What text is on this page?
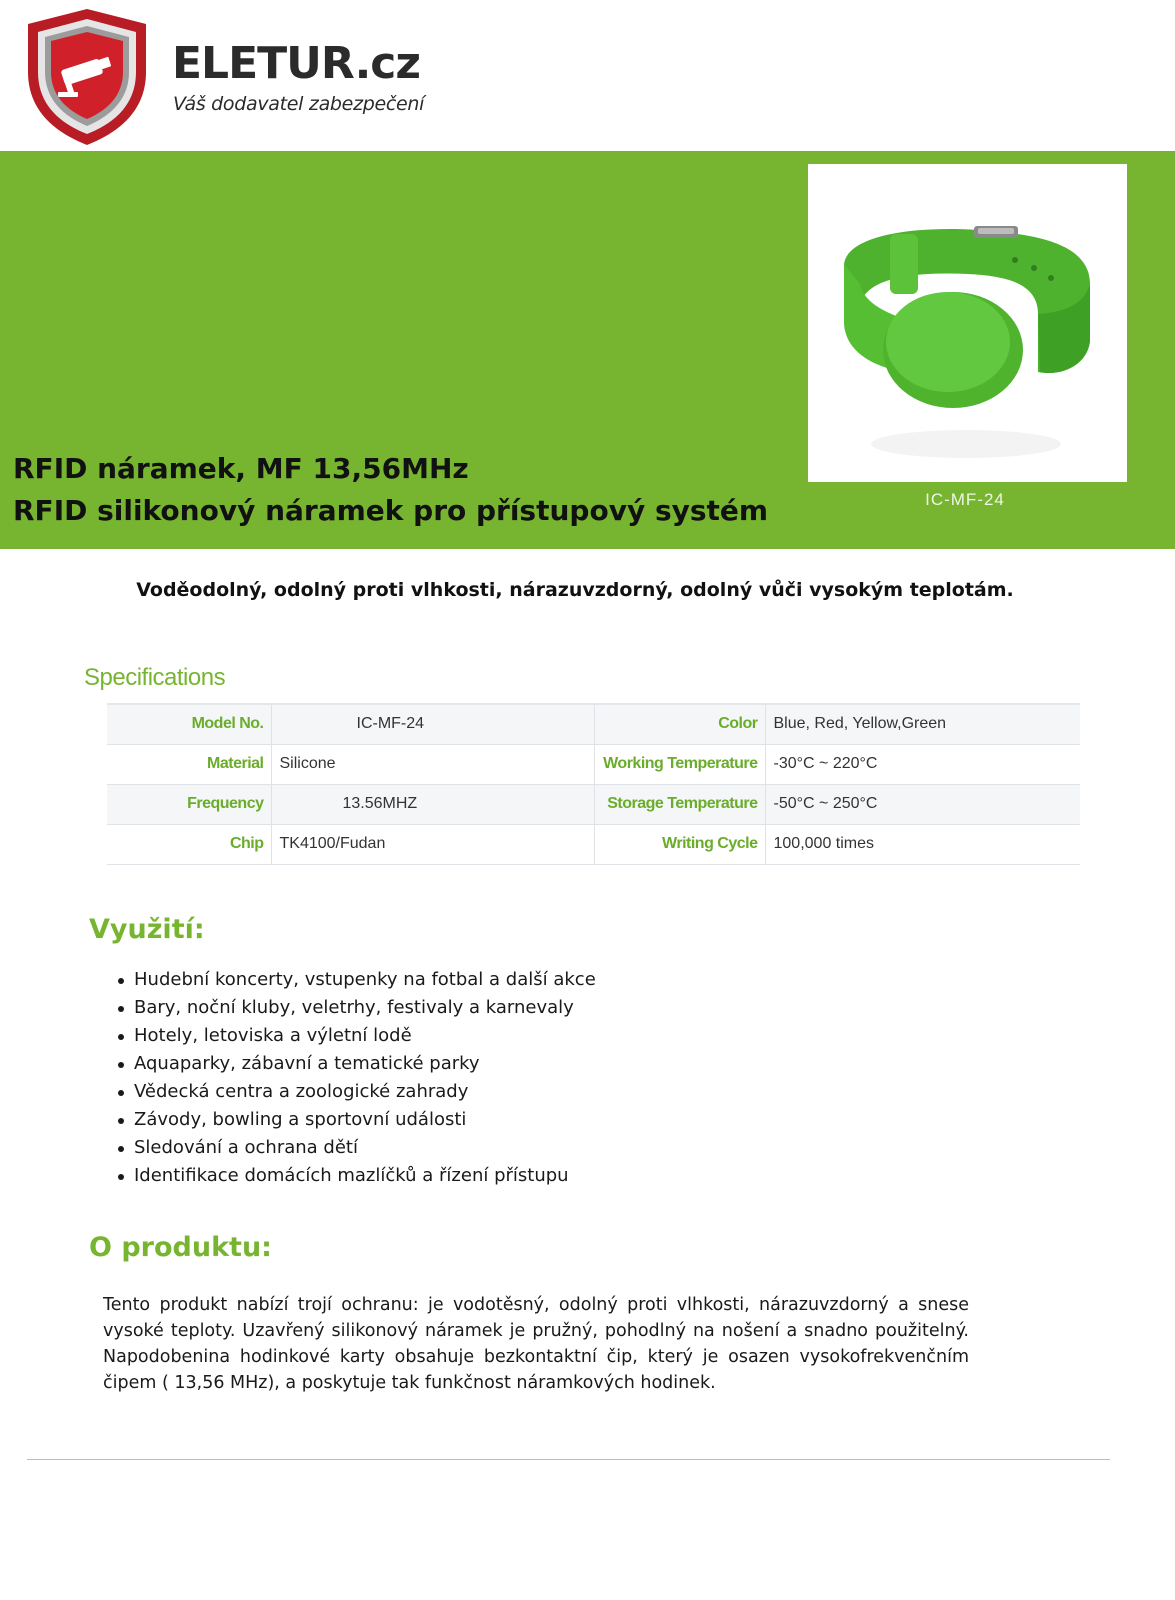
ELETUR.cz
Váš dodavatel zabezpečení
RFID náramek, MF 13,56MHz
RFID silikonový náramek pro přístupový systém	IC-MF-24
Voděodolný, odolný proti vlhkosti, nárazuvzdorný, odolný vůči vysokým teplotám.
Specifications
Model No.	IC-MF-24	Color	Blue, Red, Yellow,Green
Material	Silicone	Working Temperature	-30°C ~ 220°C
Frequency	13.56MHZ	Storage Temperature	-50°C ~ 250°C
Chip	TK4100/Fudan	Writing Cycle	100,000 times
Využití:
Hudební koncerty, vstupenky na fotbal a další akce
Bary, noční kluby, veletrhy, festivaly a karnevaly
Hotely, letoviska a výletní lodě
Aquaparky, zábavní a tematické parky
Vědecká centra a zoologické zahrady
Závody, bowling a sportovní události
Sledování a ochrana dětí
Identifikace domácích mazlíčků a řízení přístupu
O produktu:

Tento produkt nabízí trojí ochranu: je vodotěsný, odolný proti vlhkosti, nárazuvzdorný a snese vysoké teploty. Uzavřený silikonový náramek je pružný, pohodlný na nošení a snadno použitelný. Napodobenina hodinkové karty obsahuje bezkontaktní čip, který je osazen vysokofrekvenčním čipem ( 13,56 MHz), a poskytuje tak funkčnost náramkových hodinek.
